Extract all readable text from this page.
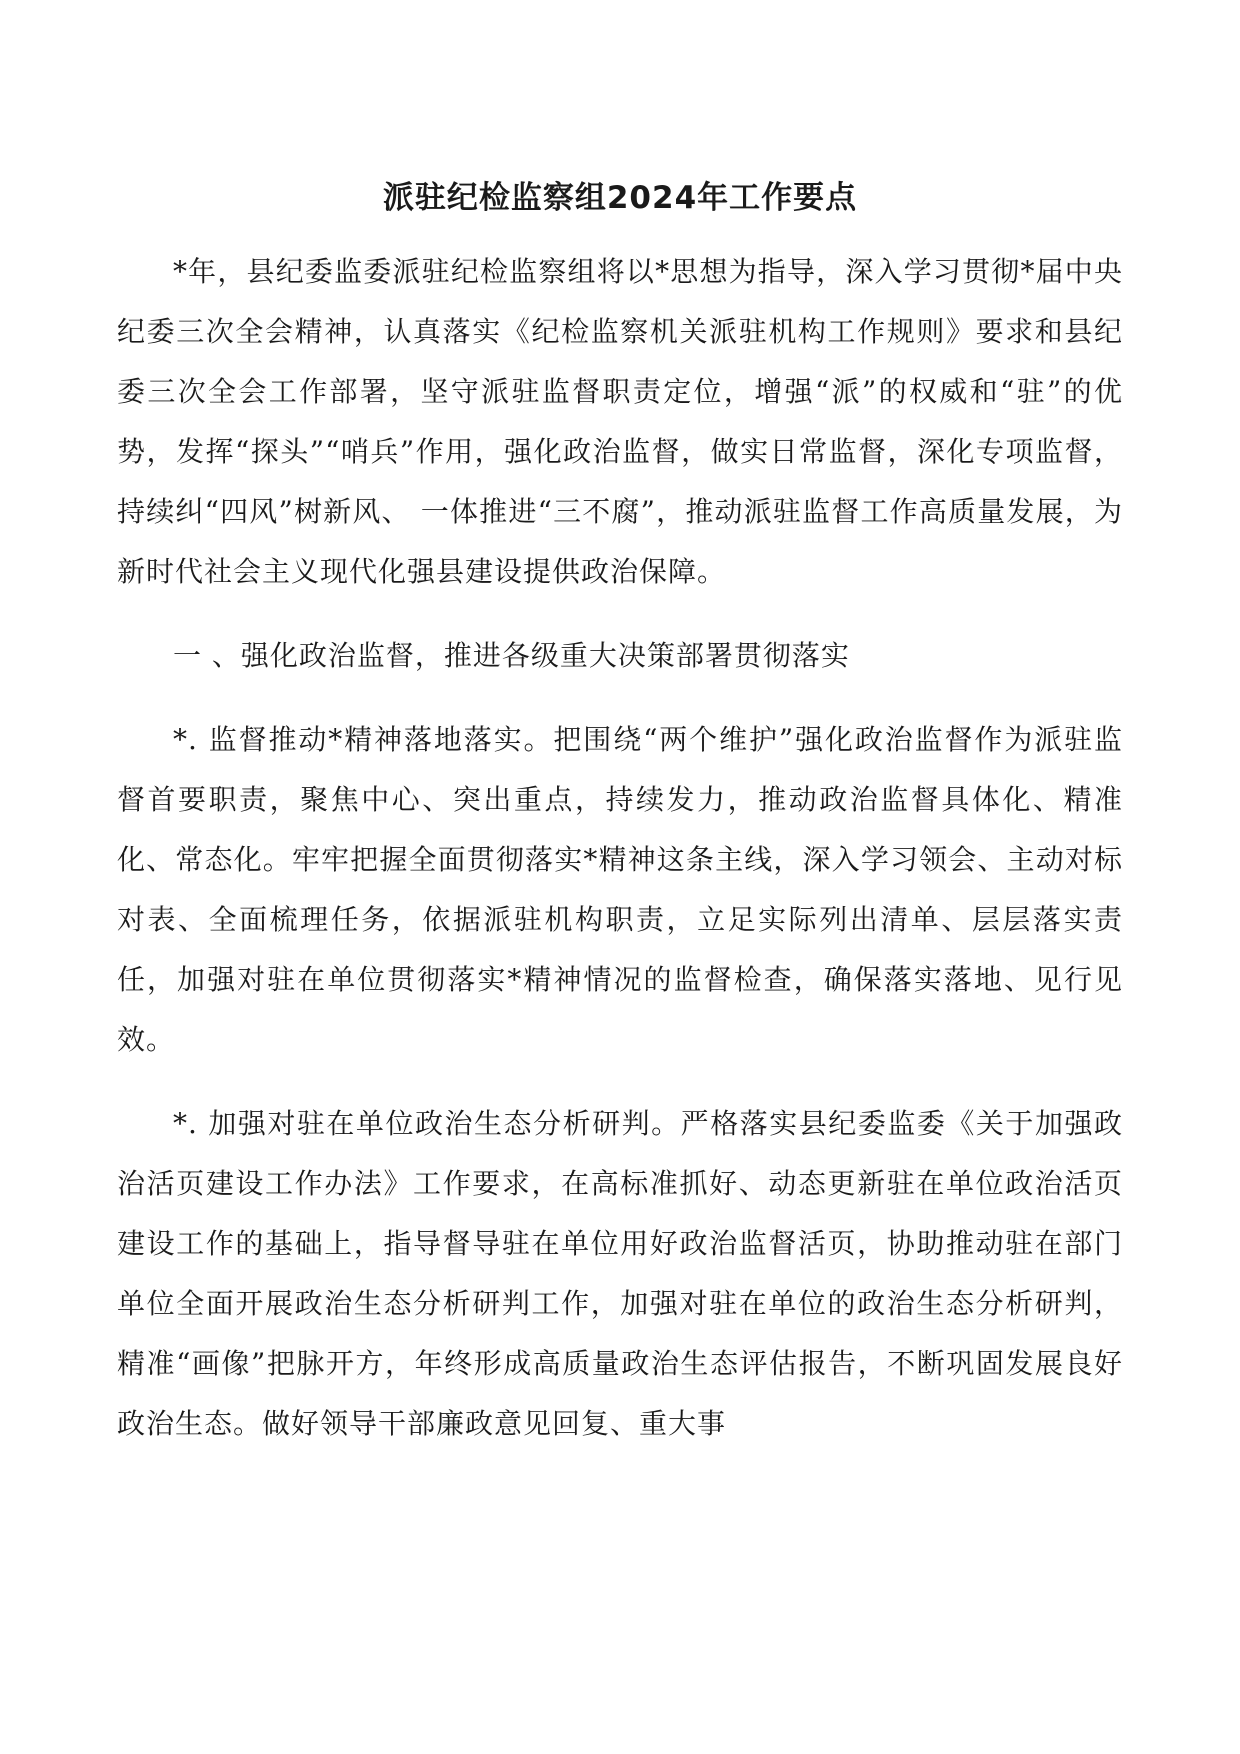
派驻纪检监察组2024年工作要点

*年，县纪委监委派驻纪检监察组将以*思想为指导，深入学习贯彻*届中央纪委三次全会精神，认真落实《纪检监察机关派驻机构工作规则》要求和县纪委三次全会工作部署，坚守派驻监督职责定位，增强“派”的权威和“驻”的优势，发挥“探头”“哨兵”作用，强化政治监督，做实日常监督，深化专项监督，持续纠“四风”树新风、 一体推进“三不腐”，推动派驻监督工作高质量发展，为新时代社会主义现代化强县建设提供政治保障。

一 、强化政治监督，推进各级重大决策部署贯彻落实

*. 监督推动*精神落地落实。把围绕“两个维护”强化政治监督作为派驻监督首要职责，聚焦中心、突出重点，持续发力，推动政治监督具体化、精准化、常态化。牢牢把握全面贯彻落实*精神这条主线，深入学习领会、主动对标对表、全面梳理任务，依据派驻机构职责，立足实际列出清单、层层落实责任，加强对驻在单位贯彻落实*精神情况的监督检查，确保落实落地、见行见效。

*. 加强对驻在单位政治生态分析研判。严格落实县纪委监委《关于加强政治活页建设工作办法》工作要求，在高标准抓好、动态更新驻在单位政治活页建设工作的基础上，指导督导驻在单位用好政治监督活页，协助推动驻在部门单位全面开展政治生态分析研判工作，加强对驻在单位的政治生态分析研判，精准“画像”把脉开方，年终形成高质量政治生态评估报告，不断巩固发展良好政治生态。做好领导干部廉政意见回复、重大事
